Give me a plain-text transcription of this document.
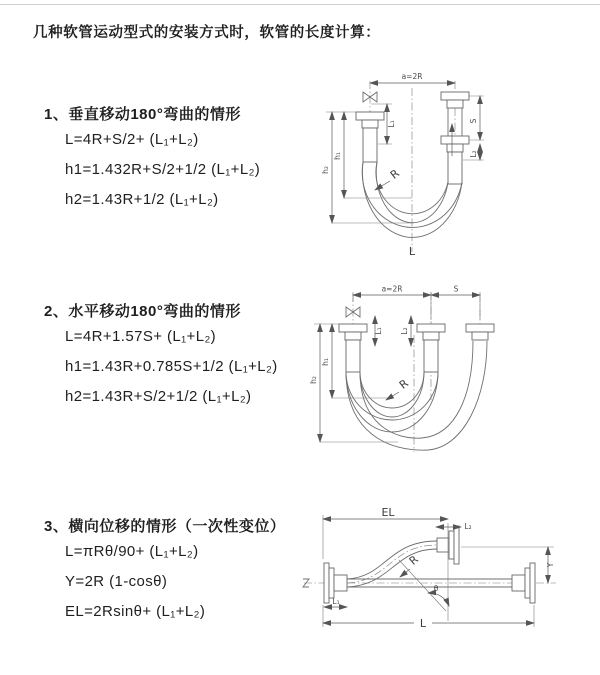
几种软管运动型式的安装方式时，软管的长度计算：
1、垂直移动180°弯曲的情形
L=4R+S/2+ (L₁+L₂)
h1=1.432R+S/2+1/2 (L₁+L₂)
h2=1.43R+1/2 (L₁+L₂)
2、水平移动180°弯曲的情形
L=4R+1.57S+ (L₁+L₂)
h1=1.43R+0.785S+1/2 (L₁+L₂)
h2=1.43R+S/2+1/2 (L₁+L₂)
3、横向位移的情形（一次性变位）
L=πRθ/90+ (L₁+L₂)
Y=2R (1-cosθ)
EL=2Rsinθ+ (L₁+L₂)
a=2R
S
L₂
L₁
h₁
h₂	R
L
a=2R	S
L₁ L₂
h₁
h₂	R
EL
L₂
Y
L
L₁
R
θ
